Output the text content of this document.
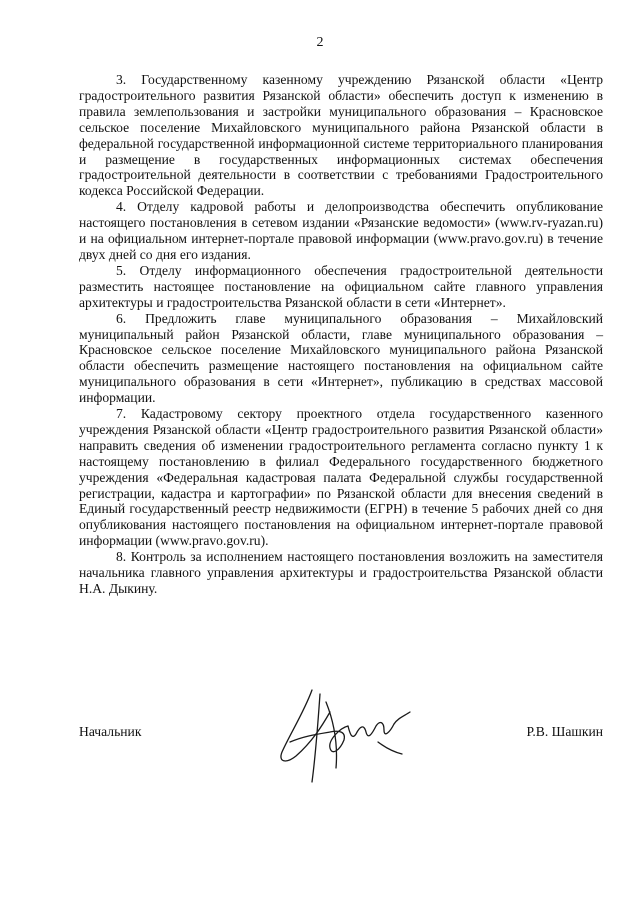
2

3. Государственному казенному учреждению Рязанской области «Центр градостроительного развития Рязанской области» обеспечить доступ к изменению в правила землепользования и застройки муниципального образования – Красновское сельское поселение Михайловского муниципального района Рязанской области в федеральной государственной информационной системе территориального планирования и размещение в государственных информационных системах обеспечения градостроительной деятельности в соответствии с требованиями Градостроительного кодекса Российской Федерации.

4. Отделу кадровой работы и делопроизводства обеспечить опубликование настоящего постановления в сетевом издании «Рязанские ведомости» (www.rv-ryazan.ru) и на официальном интернет-портале правовой информации (www.pravo.gov.ru) в течение двух дней со дня его издания.

5. Отделу информационного обеспечения градостроительной деятельности разместить настоящее постановление на официальном сайте главного управления архитектуры и градостроительства Рязанской области в сети «Интернет».

6. Предложить главе муниципального образования – Михайловский муниципальный район Рязанской области, главе муниципального образования – Красновское сельское поселение Михайловского муниципального района Рязанской области обеспечить размещение настоящего постановления на официальном сайте муниципального образования в сети «Интернет», публикацию в средствах массовой информации.

7. Кадастровому сектору проектного отдела государственного казенного учреждения Рязанской области «Центр градостроительного развития Рязанской области» направить сведения об изменении градостроительного регламента согласно пункту 1 к настоящему постановлению в филиал Федерального государственного бюджетного учреждения «Федеральная кадастровая палата Федеральной службы государственной регистрации, кадастра и картографии» по Рязанской области для внесения сведений в Единый государственный реестр недвижимости (ЕГРН) в течение 5 рабочих дней со дня опубликования настоящего постановления на официальном интернет-портале правовой информации (www.pravo.gov.ru).

8. Контроль за исполнением настоящего постановления возложить на заместителя начальника главного управления архитектуры и градостроительства Рязанской области Н.А. Дыкину.

Начальник	Р.В. Шашкин
